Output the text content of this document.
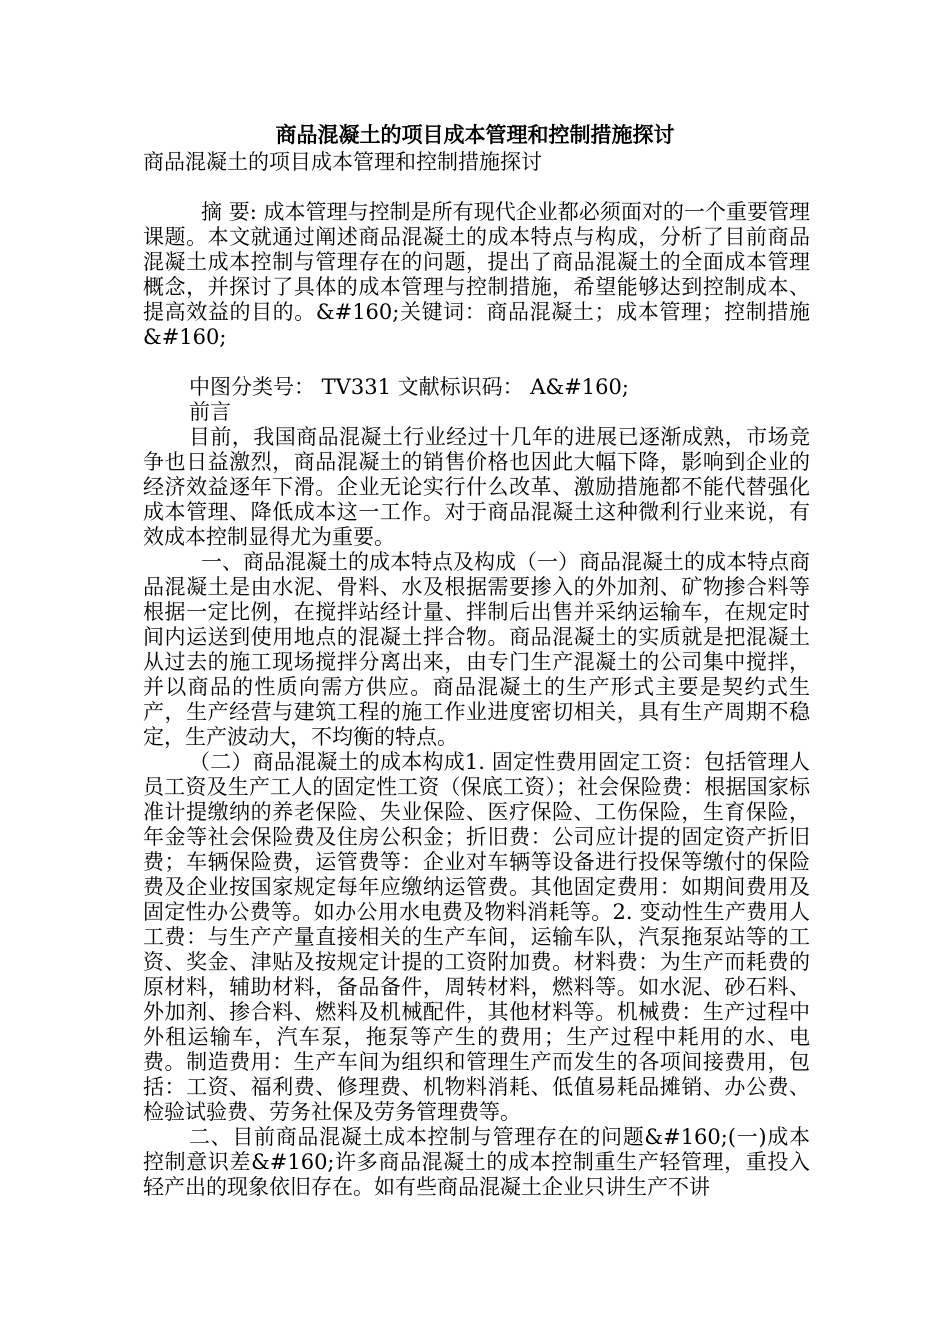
商品混凝土的项目成本管理和控制措施探讨

商品混凝土的项目成本管理和控制措施探讨

摘 要: 成本管理与控制是所有现代企业都必须面对的一个重要管理课题。本文就通过阐述商品混凝土的成本特点与构成，分析了目前商品混凝土成本控制与管理存在的问题，提出了商品混凝土的全面成本管理概念，并探讨了具体的成本管理与控制措施，希望能够达到控制成本、提高效益的目的。&#160;关键词：商品混凝土；成本管理；控制措施&#160;

中图分类号： TV331 文献标识码： A&#160;

前言

目前，我国商品混凝土行业经过十几年的进展已逐渐成熟，市场竞争也日益激烈，商品混凝土的销售价格也因此大幅下降，影响到企业的经济效益逐年下滑。企业无论实行什么改革、激励措施都不能代替强化成本管理、降低成本这一工作。对于商品混凝土这种微利行业来说，有效成本控制显得尤为重要。

一、商品混凝土的成本特点及构成（一）商品混凝土的成本特点商品混凝土是由水泥、骨料、水及根据需要掺入的外加剂、矿物掺合料等根据一定比例，在搅拌站经计量、拌制后出售并采纳运输车，在规定时间内运送到使用地点的混凝土拌合物。商品混凝土的实质就是把混凝土从过去的施工现场搅拌分离出来，由专门生产混凝土的公司集中搅拌，并以商品的性质向需方供应。商品混凝土的生产形式主要是契约式生产，生产经营与建筑工程的施工作业进度密切相关，具有生产周期不稳定，生产波动大，不均衡的特点。

（二）商品混凝土的成本构成1. 固定性费用固定工资：包括管理人员工资及生产工人的固定性工资（保底工资）；社会保险费：根据国家标准计提缴纳的养老保险、失业保险、医疗保险、工伤保险，生育保险，年金等社会保险费及住房公积金；折旧费：公司应计提的固定资产折旧费；车辆保险费，运管费等：企业对车辆等设备进行投保等缴付的保险费及企业按国家规定每年应缴纳运管费。其他固定费用：如期间费用及固定性办公费等。如办公用水电费及物料消耗等。2. 变动性生产费用人工费：与生产产量直接相关的生产车间，运输车队，汽泵拖泵站等的工资、奖金、津贴及按规定计提的工资附加费。材料费：为生产而耗费的原材料，辅助材料，备品备件，周转材料，燃料等。如水泥、砂石料、外加剂、掺合料、燃料及机械配件，其他材料等。机械费：生产过程中外租运输车，汽车泵，拖泵等产生的费用；生产过程中耗用的水、电费。制造费用：生产车间为组织和管理生产而发生的各项间接费用，包括：工资、福利费、修理费、机物料消耗、低值易耗品摊销、办公费、检验试验费、劳务社保及劳务管理费等。

二、目前商品混凝土成本控制与管理存在的问题&#160;(一)成本控制意识差&#160;许多商品混凝土的成本控制重生产轻管理，重投入轻产出的现象依旧存在。如有些商品混凝土企业只讲生产不讲
